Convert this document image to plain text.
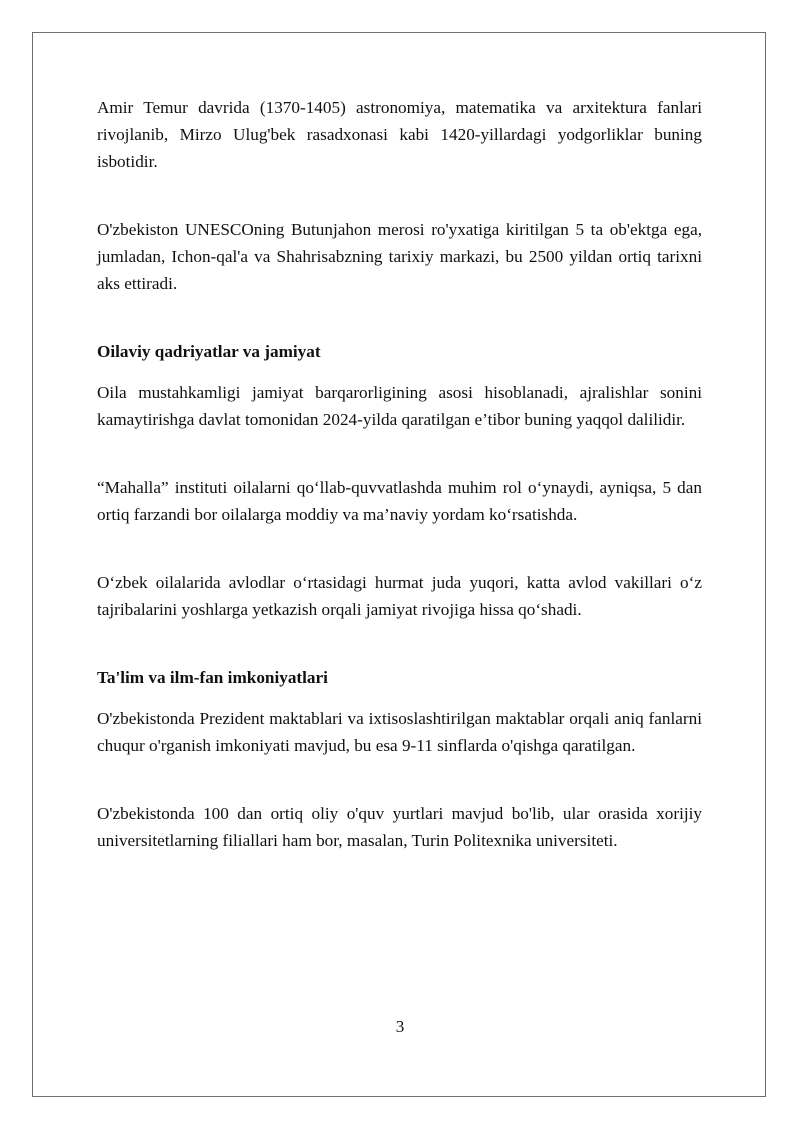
Amir Temur davrida (1370-1405) astronomiya, matematika va arxitektura fanlari rivojlanib, Mirzo Ulug'bek rasadxonasi kabi 1420-yillardagi yodgorliklar buning isbotidir.

O'zbekiston UNESCOning Butunjahon merosi ro'yxatiga kiritilgan 5 ta ob'ektga ega, jumladan, Ichon-qal'a va Shahrisabzning tarixiy markazi, bu 2500 yildan ortiq tarixni aks ettiradi.

Oilaviy qadriyatlar va jamiyat

Oila mustahkamligi jamiyat barqarorligining asosi hisoblanadi, ajralishlar sonini kamaytirishga davlat tomonidan 2024-yilda qaratilgan e’tibor buning yaqqol dalilidir.

“Mahalla” instituti oilalarni qo‘llab-quvvatlashda muhim rol o‘ynaydi, ayniqsa, 5 dan ortiq farzandi bor oilalarga moddiy va ma’naviy yordam ko‘rsatishda.

O‘zbek oilalarida avlodlar o‘rtasidagi hurmat juda yuqori, katta avlod vakillari o‘z tajribalarini yoshlarga yetkazish orqali jamiyat rivojiga hissa qo‘shadi.

Ta'lim va ilm-fan imkoniyatlari

O'zbekistonda Prezident maktablari va ixtisoslashtirilgan maktablar orqali aniq fanlarni chuqur o'rganish imkoniyati mavjud, bu esa 9-11 sinflarda o'qishga qaratilgan.

O'zbekistonda 100 dan ortiq oliy o'quv yurtlari mavjud bo'lib, ular orasida xorijiy universitetlarning filiallari ham bor, masalan, Turin Politexnika universiteti.

3
